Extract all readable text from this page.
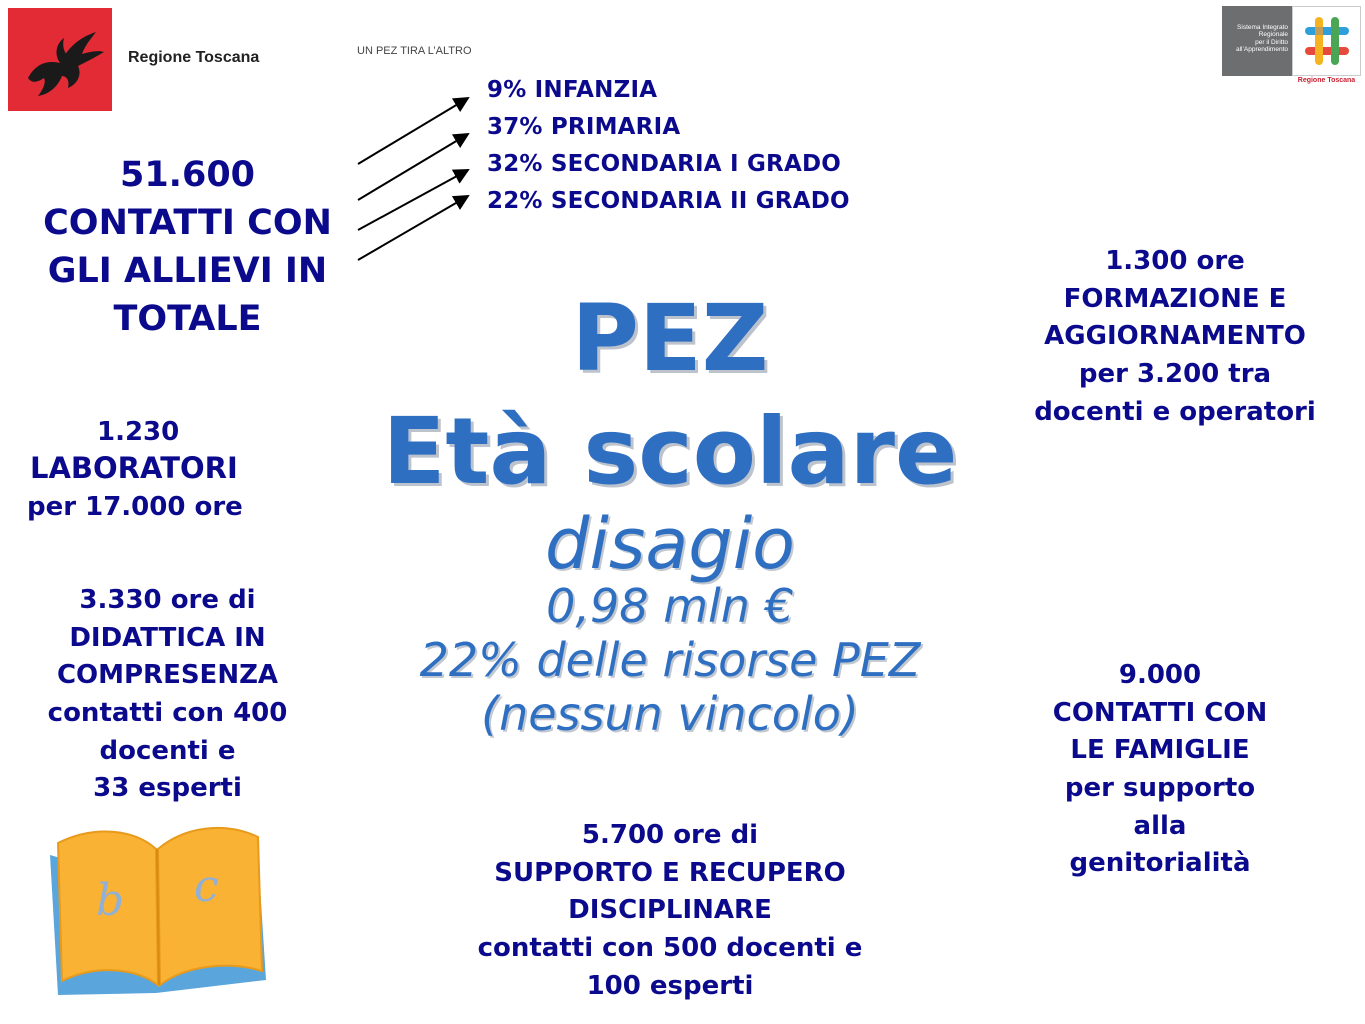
Regione Toscana	UN PEZ TIRA L’ALTRO
Sistema Integrato
Regionale
per il Diritto
all’Apprendimento
Regione Toscana
51.600
CONTATTI CON
GLI ALLIEVI IN
TOTALE
9% INFANZIA
37% PRIMARIA
32% SECONDARIA I GRADO
22% SECONDARIA II GRADO
1.300 ore
FORMAZIONE E
AGGIORNAMENTO
per 3.200 tra
docenti e operatori
1.230
LABORATORI
per 17.000 ore
3.330 ore di
DIDATTICA IN
COMPRESENZA
contatti con 400
docenti e
33 esperti
PEZ
Età scolare
disagio
0,98 mln €
22% delle risorse PEZ
(nessun vincolo)
9.000
CONTATTI CON
LE FAMIGLIE
per supporto
alla
genitorialità
5.700 ore di
SUPPORTO E RECUPERO
DISCIPLINARE
contatti con 500 docenti e
100 esperti
b c
